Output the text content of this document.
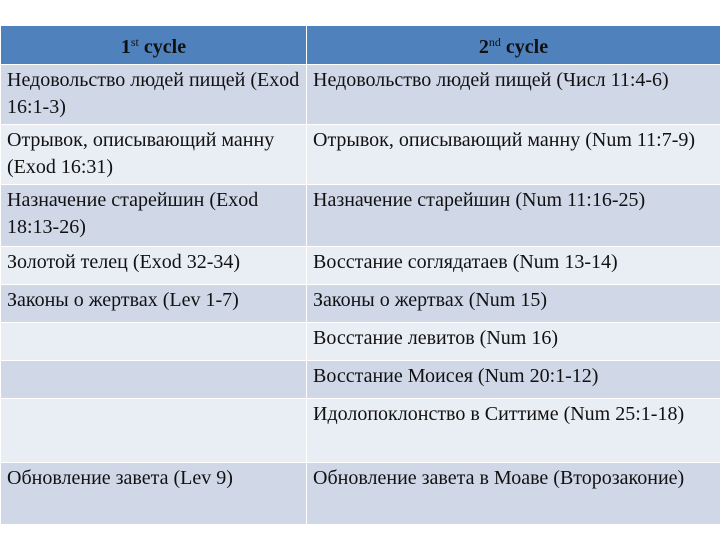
1st cycle	2nd cycle
Недовольство людей пищей (Exod 16:1-3)	Недовольство людей пищей (Числ 11:4-6)
Отрывок, описывающий манну (Exod 16:31)	Отрывок, описывающий манну (Num 11:7-9)
Назначение старейшин (Exod 18:13-26)	Назначение старейшин (Num 11:16-25)
Золотой телец (Exod 32-34)	Восстание соглядатаев (Num 13-14)
Законы о жертвах (Lev 1-7)	Законы о жертвах (Num 15)
	Восстание левитов (Num 16)
	Восстание Моисея (Num 20:1-12)
	Идолопоклонство в Ситтиме (Num 25:1-18)
Обновление завета (Lev 9)	Обновление завета в Моаве (Второзаконие)
